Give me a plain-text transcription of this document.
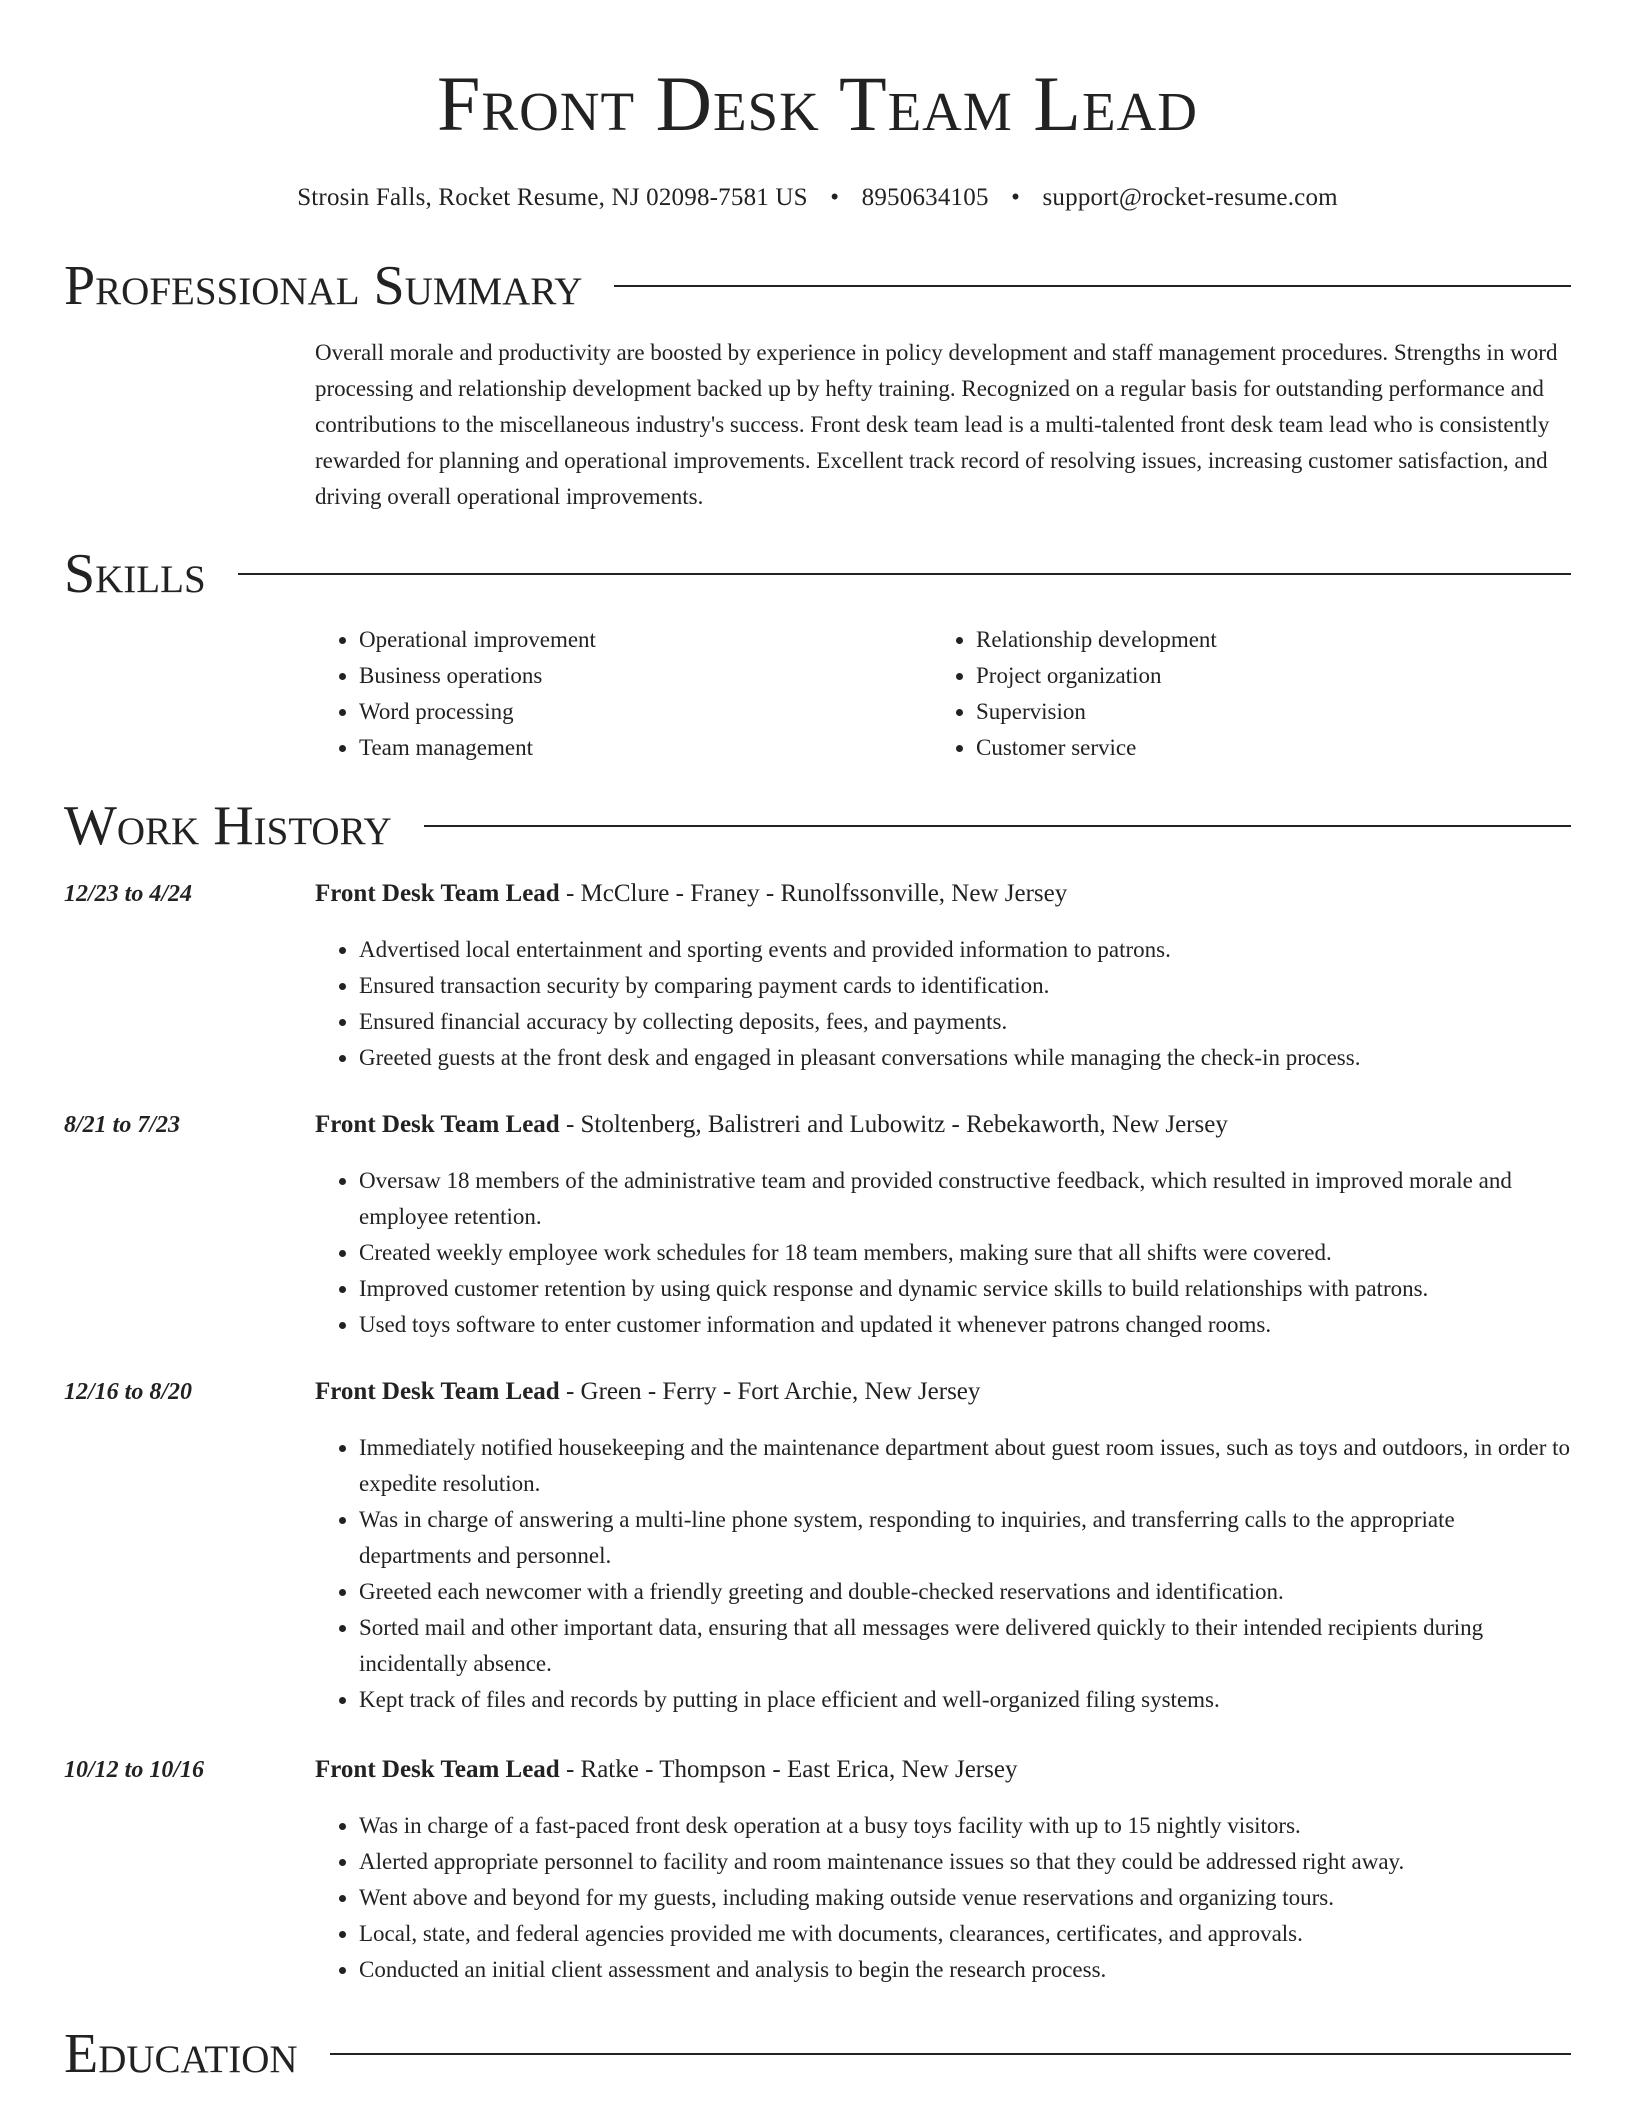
Front Desk Team Lead
Strosin Falls, Rocket Resume, NJ 02098-7581 US • 8950634105 • support@rocket-resume.com
Professional Summary

Overall morale and productivity are boosted by experience in policy development and staff management procedures. Strengths in word processing and relationship development backed up by hefty training. Recognized on a regular basis for outstanding performance and contributions to the miscellaneous industry's success. Front desk team lead is a multi-talented front desk team lead who is consistently rewarded for planning and operational improvements. Excellent track record of resolving issues, increasing customer satisfaction, and driving overall operational improvements.

Skills
• Operational improvement
• Business operations
• Word processing
• Team management
• Relationship development
• Project organization
• Supervision
• Customer service
Work History
12/23 to 4/24	Front Desk Team Lead - McClure - Franey - Runolfssonville, New Jersey
• Advertised local entertainment and sporting events and provided information to patrons.
• Ensured transaction security by comparing payment cards to identification.
• Ensured financial accuracy by collecting deposits, fees, and payments.
• Greeted guests at the front desk and engaged in pleasant conversations while managing the check-in process.
8/21 to 7/23	Front Desk Team Lead - Stoltenberg, Balistreri and Lubowitz - Rebekaworth, New Jersey
• Oversaw 18 members of the administrative team and provided constructive feedback, which resulted in improved morale and employee retention.
• Created weekly employee work schedules for 18 team members, making sure that all shifts were covered.
• Improved customer retention by using quick response and dynamic service skills to build relationships with patrons.
• Used toys software to enter customer information and updated it whenever patrons changed rooms.
12/16 to 8/20	Front Desk Team Lead - Green - Ferry - Fort Archie, New Jersey
• Immediately notified housekeeping and the maintenance department about guest room issues, such as toys and outdoors, in order to expedite resolution.
• Was in charge of answering a multi-line phone system, responding to inquiries, and transferring calls to the appropriate departments and personnel.
• Greeted each newcomer with a friendly greeting and double-checked reservations and identification.
• Sorted mail and other important data, ensuring that all messages were delivered quickly to their intended recipients during incidentally absence.
• Kept track of files and records by putting in place efficient and well-organized filing systems.
10/12 to 10/16	Front Desk Team Lead - Ratke - Thompson - East Erica, New Jersey
• Was in charge of a fast-paced front desk operation at a busy toys facility with up to 15 nightly visitors.
• Alerted appropriate personnel to facility and room maintenance issues so that they could be addressed right away.
• Went above and beyond for my guests, including making outside venue reservations and organizing tours.
• Local, state, and federal agencies provided me with documents, clearances, certificates, and approvals.
• Conducted an initial client assessment and analysis to begin the research process.
Education
